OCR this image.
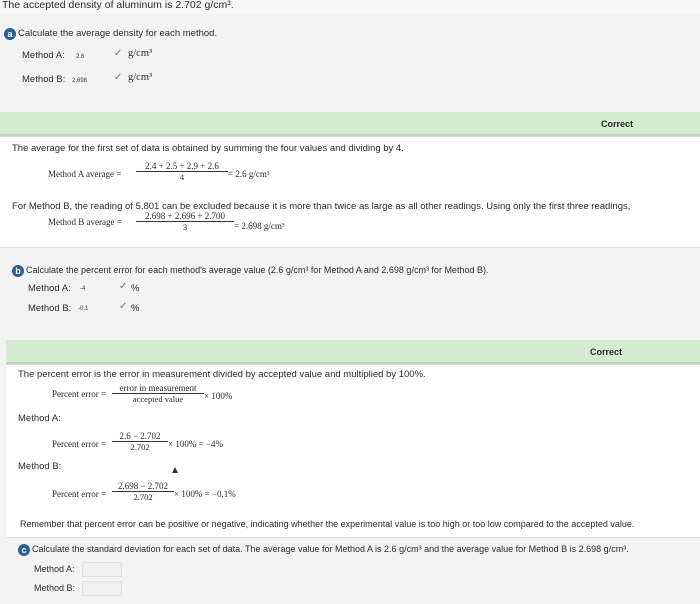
The accepted density of aluminum is 2.702 g/cm³.
a Calculate the average density for each method.
Method A: 2.6	✓ g/cm³
Method B: 2.698	✓ g/cm³
Correct
The average for the first set of data is obtained by summing the four values and dividing by 4.
Method A average = $\frac{2.4 + 2.5 + 2.9 + 2.6}{4} = 2.6$ g/cm³
For Method B, the reading of 5.801 can be excluded because it is more than twice as large as all other readings. Using only the first three readings,
Method B average = $\frac{2.698 + 2.696 + 2.700}{3} = 2.698$ g/cm³
b Calculate the percent error for each method's average value (2.6 g/cm³ for Method A and 2.698 g/cm³ for Method B).
Method A: -4	✓ %
Method B: -0.1	✓ %
Correct
The percent error is the error in measurement divided by accepted value and multiplied by 100%.
Percent error =
error in measurement
accepted value	× 100%
Method A:
Percent error = $\frac{2.6 - 2.702}{2.702} \times 100\% = -4\%$
Method B:
Percent error = $\frac{2.698 - 2.702}{2.702} \times 100\% = -0.1\%$
Remember that percent error can be positive or negative, indicating whether the experimental value is too high or too low compared to the accepted value.
c Calculate the standard deviation for each set of data. The average value for Method A is 2.6 g/cm³ and the average value for Method B is 2.698 g/cm³.
Method A:
Method B:
